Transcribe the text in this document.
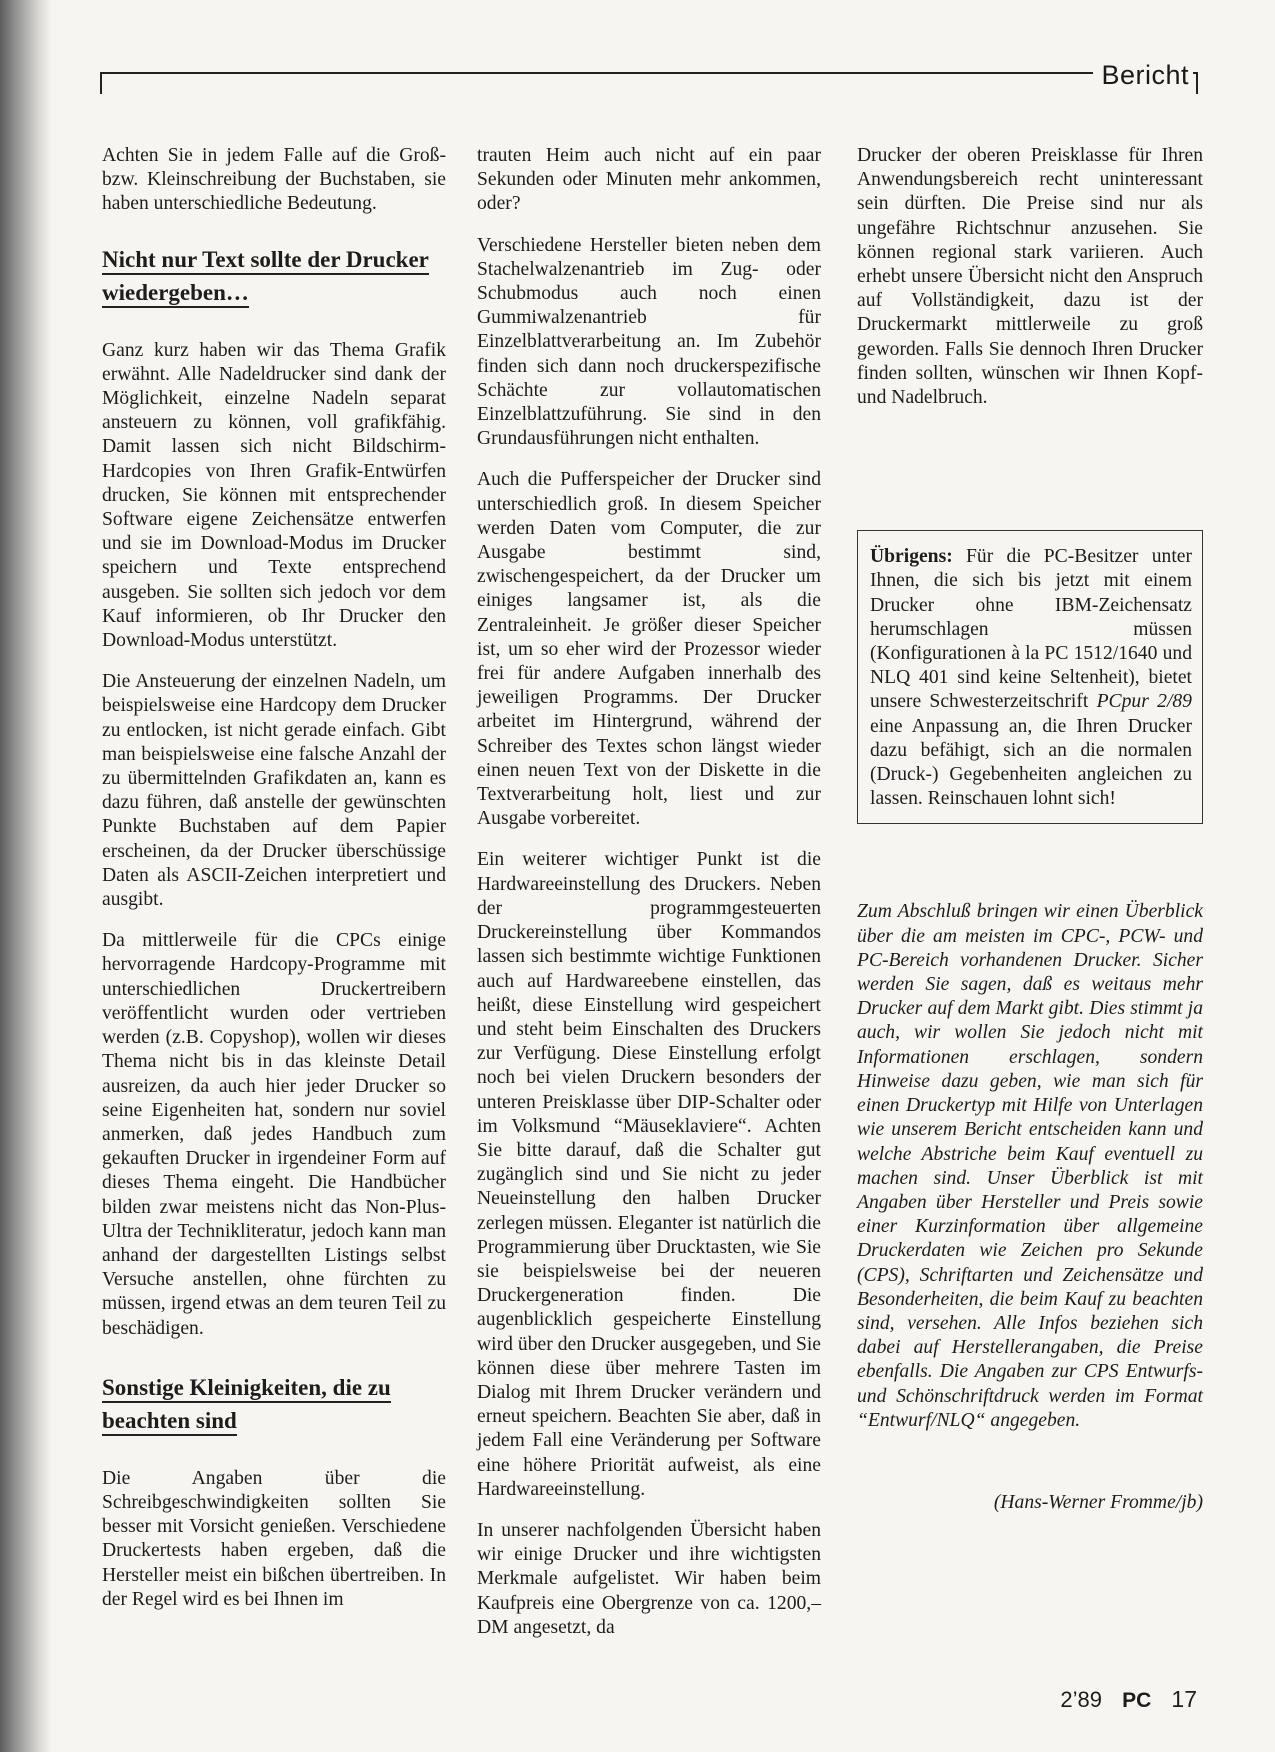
Bericht

Achten Sie in jedem Falle auf die Groß- bzw. Kleinschreibung der Buchstaben, sie haben unterschiedliche Bedeutung.

Nicht nur Text sollte der Drucker wiedergeben…

Ganz kurz haben wir das Thema Grafik erwähnt. Alle Nadeldrucker sind dank der Möglichkeit, einzelne Nadeln separat ansteuern zu können, voll grafikfähig. Damit lassen sich nicht Bildschirm-Hardcopies von Ihren Grafik-Entwürfen drucken, Sie können mit entsprechender Software eigene Zeichensätze entwerfen und sie im Download-Modus im Drucker speichern und Texte entsprechend ausgeben. Sie sollten sich jedoch vor dem Kauf informieren, ob Ihr Drucker den Download-Modus unterstützt.

Die Ansteuerung der einzelnen Nadeln, um beispielsweise eine Hardcopy dem Drucker zu entlocken, ist nicht gerade einfach. Gibt man beispielsweise eine falsche Anzahl der zu übermittelnden Grafikdaten an, kann es dazu führen, daß anstelle der gewünschten Punkte Buchstaben auf dem Papier erscheinen, da der Drucker überschüssige Daten als ASCII-Zeichen interpretiert und ausgibt.

Da mittlerweile für die CPCs einige hervorragende Hardcopy-Programme mit unterschiedlichen Druckertreibern veröffentlicht wurden oder vertrieben werden (z.B. Copyshop), wollen wir dieses Thema nicht bis in das kleinste Detail ausreizen, da auch hier jeder Drucker so seine Eigenheiten hat, sondern nur soviel anmerken, daß jedes Handbuch zum gekauften Drucker in irgendeiner Form auf dieses Thema eingeht. Die Handbücher bilden zwar meistens nicht das Non-Plus-Ultra der Technikliteratur, jedoch kann man anhand der dargestellten Listings selbst Versuche anstellen, ohne fürchten zu müssen, irgend etwas an dem teuren Teil zu beschädigen.

Sonstige Kleinigkeiten, die zu beachten sind

Die Angaben über die Schreibgeschwindigkeiten sollten Sie besser mit Vorsicht genießen. Verschiedene Druckertests haben ergeben, daß die Hersteller meist ein bißchen übertreiben. In der Regel wird es bei Ihnen im

trauten Heim auch nicht auf ein paar Sekunden oder Minuten mehr ankommen, oder?

Verschiedene Hersteller bieten neben dem Stachelwalzenantrieb im Zug- oder Schubmodus auch noch einen Gummiwalzenantrieb für Einzelblattverarbeitung an. Im Zubehör finden sich dann noch druckerspezifische Schächte zur vollautomatischen Einzelblattzuführung. Sie sind in den Grundausführungen nicht enthalten.

Auch die Pufferspeicher der Drucker sind unterschiedlich groß. In diesem Speicher werden Daten vom Computer, die zur Ausgabe bestimmt sind, zwischengespeichert, da der Drucker um einiges langsamer ist, als die Zentraleinheit. Je größer dieser Speicher ist, um so eher wird der Prozessor wieder frei für andere Aufgaben innerhalb des jeweiligen Programms. Der Drucker arbeitet im Hintergrund, während der Schreiber des Textes schon längst wieder einen neuen Text von der Diskette in die Textverarbeitung holt, liest und zur Ausgabe vorbereitet.

Ein weiterer wichtiger Punkt ist die Hardwareeinstellung des Druckers. Neben der programmgesteuerten Druckereinstellung über Kommandos lassen sich bestimmte wichtige Funktionen auch auf Hardwareebene einstellen, das heißt, diese Einstellung wird gespeichert und steht beim Einschalten des Druckers zur Verfügung. Diese Einstellung erfolgt noch bei vielen Druckern besonders der unteren Preisklasse über DIP-Schalter oder im Volksmund “Mäuseklaviere“. Achten Sie bitte darauf, daß die Schalter gut zugänglich sind und Sie nicht zu jeder Neueinstellung den halben Drucker zerlegen müssen. Eleganter ist natürlich die Programmierung über Drucktasten, wie Sie sie beispielsweise bei der neueren Druckergeneration finden. Die augenblicklich gespeicherte Einstellung wird über den Drucker ausgegeben, und Sie können diese über mehrere Tasten im Dialog mit Ihrem Drucker verändern und erneut speichern. Beachten Sie aber, daß in jedem Fall eine Veränderung per Software eine höhere Priorität aufweist, als eine Hardwareeinstellung.

In unserer nachfolgenden Übersicht haben wir einige Drucker und ihre wichtigsten Merkmale aufgelistet. Wir haben beim Kaufpreis eine Obergrenze von ca. 1200,– DM angesetzt, da

Drucker der oberen Preisklasse für Ihren Anwendungsbereich recht uninteressant sein dürften. Die Preise sind nur als ungefähre Richtschnur anzusehen. Sie können regional stark variieren. Auch erhebt unsere Übersicht nicht den Anspruch auf Vollständigkeit, dazu ist der Druckermarkt mittlerweile zu groß geworden. Falls Sie dennoch Ihren Drucker finden sollten, wünschen wir Ihnen Kopf- und Nadelbruch.

Übrigens: Für die PC-Besitzer unter Ihnen, die sich bis jetzt mit einem Drucker ohne IBM-Zeichensatz herumschlagen müssen (Konfigurationen à la PC 1512/1640 und NLQ 401 sind keine Seltenheit), bietet unsere Schwesterzeitschrift PCpur 2/89 eine Anpassung an, die Ihren Drucker dazu befähigt, sich an die normalen (Druck-) Gegebenheiten angleichen zu lassen. Reinschauen lohnt sich!

Zum Abschluß bringen wir einen Überblick über die am meisten im CPC-, PCW- und PC-Bereich vorhandenen Drucker. Sicher werden Sie sagen, daß es weitaus mehr Drucker auf dem Markt gibt. Dies stimmt ja auch, wir wollen Sie jedoch nicht mit Informationen erschlagen, sondern Hinweise dazu geben, wie man sich für einen Druckertyp mit Hilfe von Unterlagen wie unserem Bericht entscheiden kann und welche Abstriche beim Kauf eventuell zu machen sind. Unser Überblick ist mit Angaben über Hersteller und Preis sowie einer Kurzinformation über allgemeine Druckerdaten wie Zeichen pro Sekunde (CPS), Schriftarten und Zeichensätze und Besonderheiten, die beim Kauf zu beachten sind, versehen. Alle Infos beziehen sich dabei auf Herstellerangaben, die Preise ebenfalls. Die Angaben zur CPS Entwurfs- und Schönschriftdruck werden im Format “Entwurf/NLQ“ angegeben.

(Hans-Werner Fromme/jb)
2’89 PC 17
